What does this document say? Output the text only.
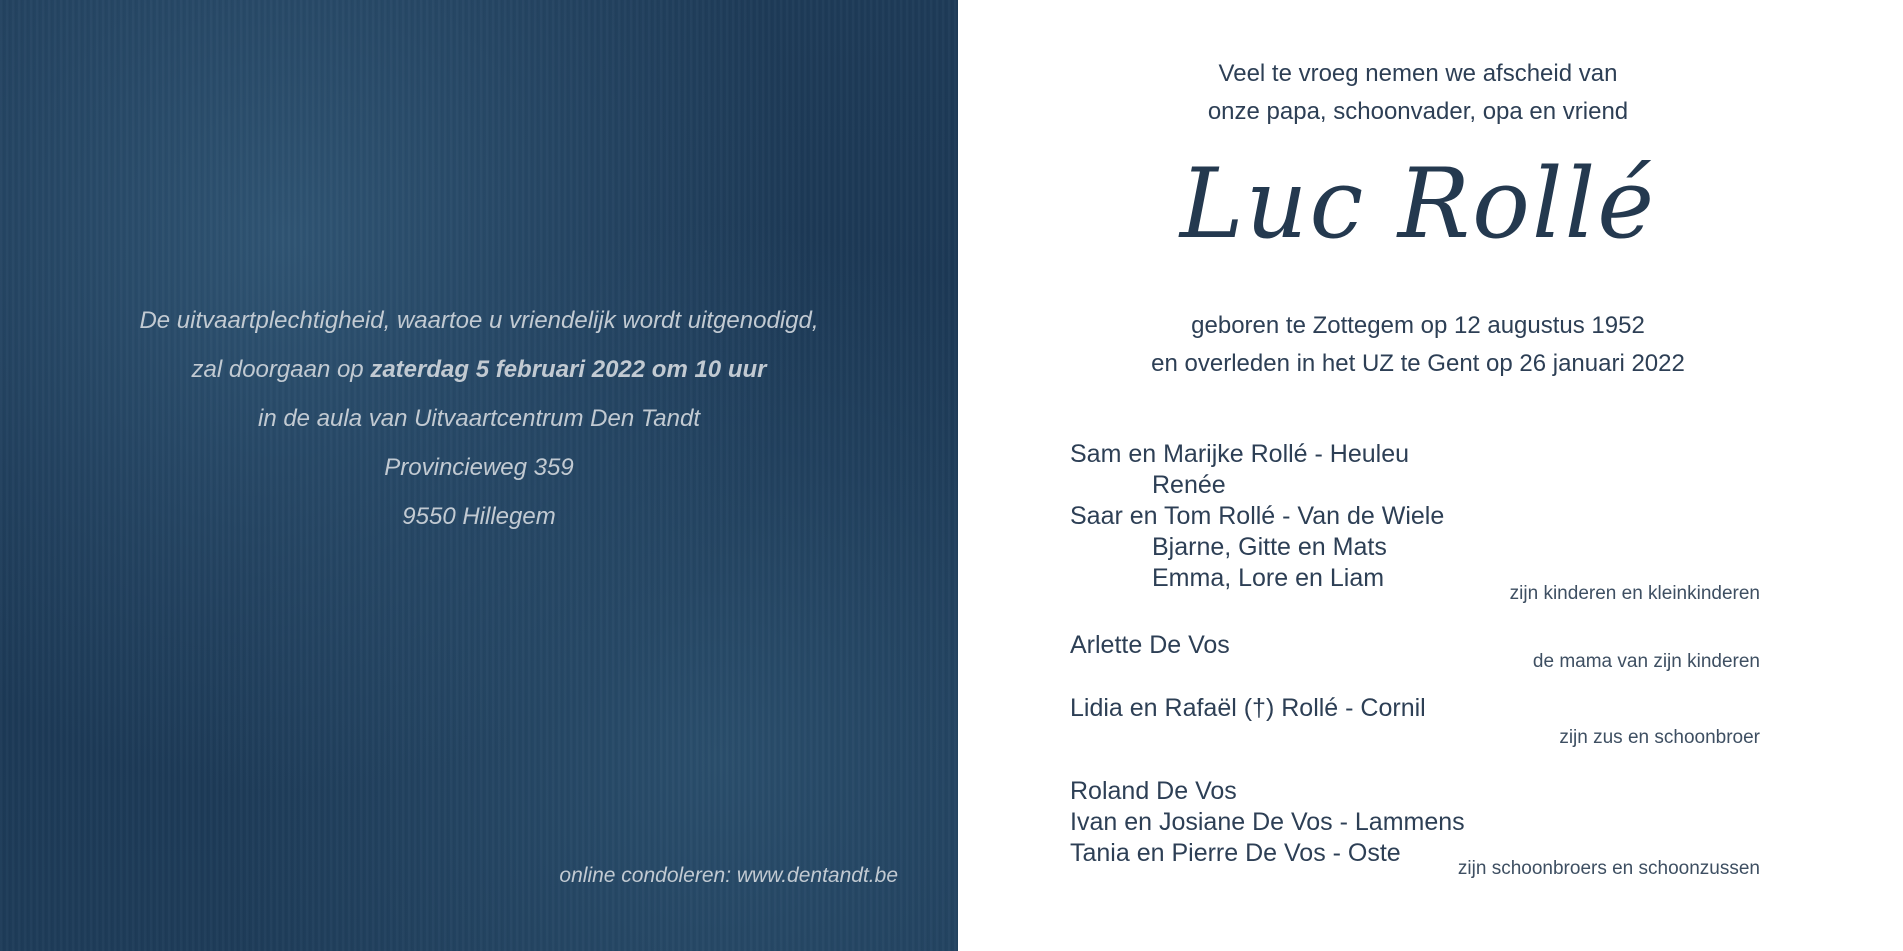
De uitvaartplechtigheid, waartoe u vriendelijk wordt uitgenodigd,

zal doorgaan op zaterdag 5 februari 2022 om 10 uur

in de aula van Uitvaartcentrum Den Tandt

Provincieweg 359

9550 Hillegem

online condoleren: www.dentandt.be

Veel te vroeg nemen we afscheid van

onze papa, schoonvader, opa en vriend

Luc Rollé

geboren te Zottegem op 12 augustus 1952

en overleden in het UZ te Gent op 26 januari 2022

Sam en Marijke Rollé - Heuleu
Renée
Saar en Tom Rollé - Van de Wiele
Bjarne, Gitte en Mats
Emma, Lore en Liam
zijn kinderen en kleinkinderen
Arlette De Vos
de mama van zijn kinderen
Lidia en Rafaël (†) Rollé - Cornil
zijn zus en schoonbroer
Roland De Vos
Ivan en Josiane De Vos - Lammens
Tania en Pierre De Vos - Oste
zijn schoonbroers en schoonzussen
